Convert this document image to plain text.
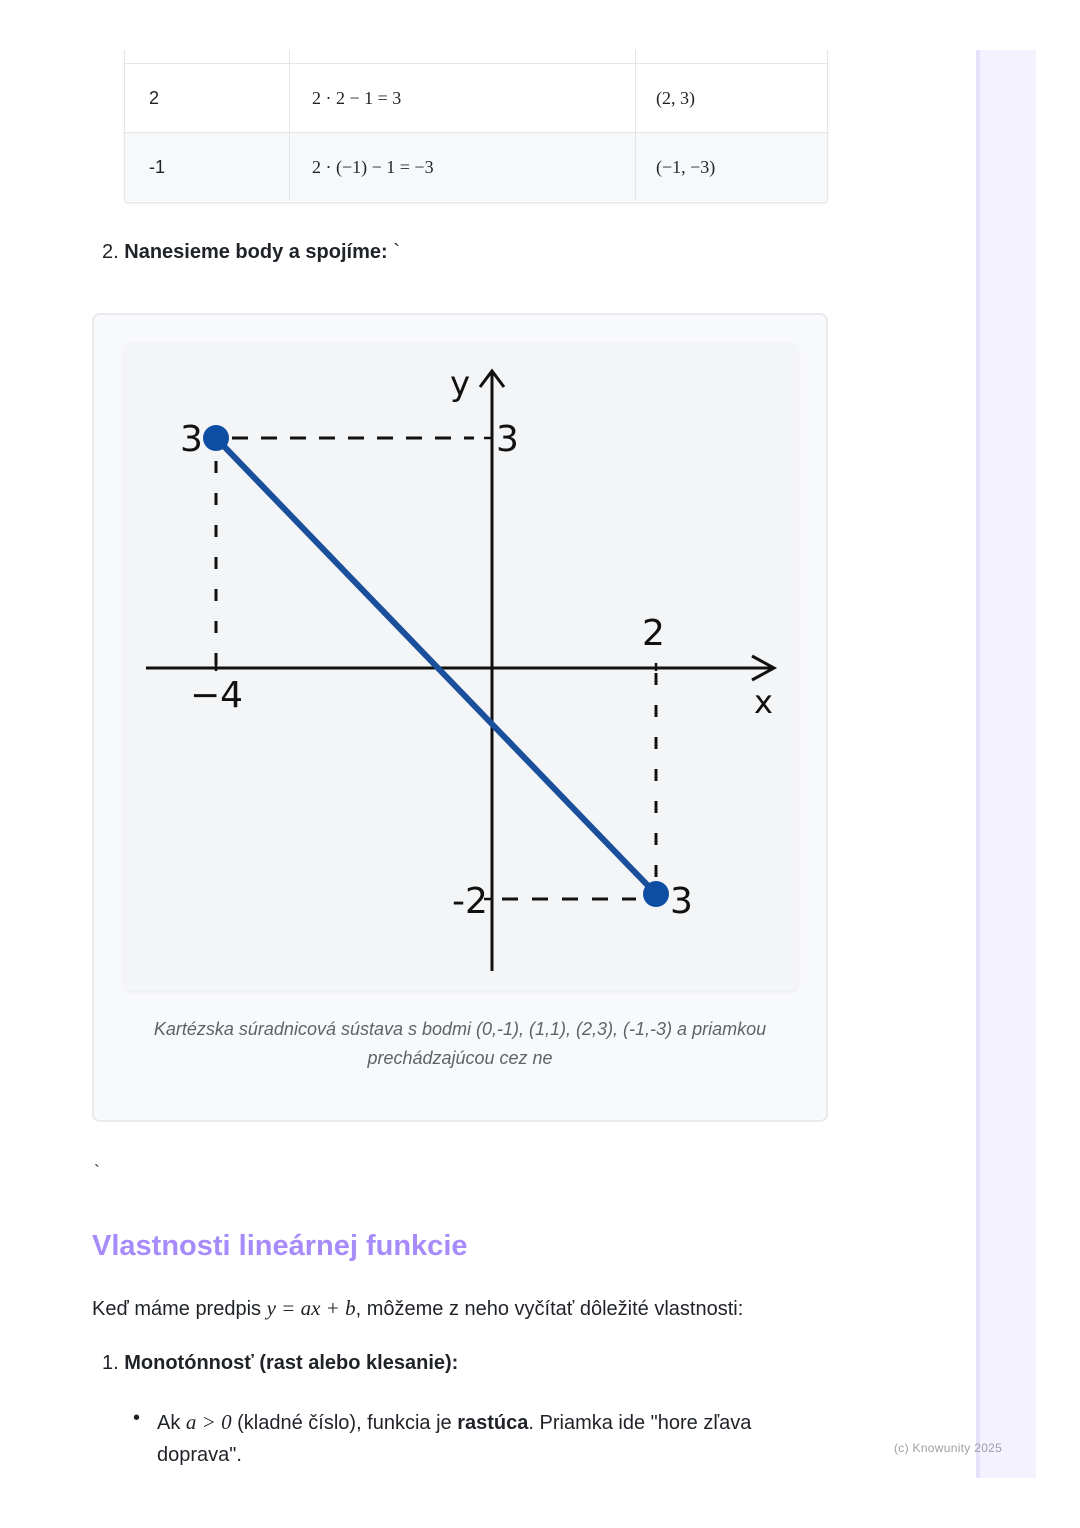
(c) Knowunity 2025

2	2 · 2 − 1 = 3	(2, 3)
-1	2 · (−1) − 1 = −3	(−1, −3)
2. Nanesieme body a spojíme: `
y
x
3	3
−4
2
-2	3
Kartézska súradnicová sústava s bodmi (0,-1), (1,1), (2,3), (-1,-3) a priamkou prechádzajúcou cez ne
`
Vlastnosti lineárnej funkcie
Keď máme predpis y = ax + b, môžeme z neho vyčítať dôležité vlastnosti:
1. Monotónnosť (rast alebo klesanie):
• Ak a > 0 (kladné číslo), funkcia je rastúca. Priamka ide "hore zľava doprava".
